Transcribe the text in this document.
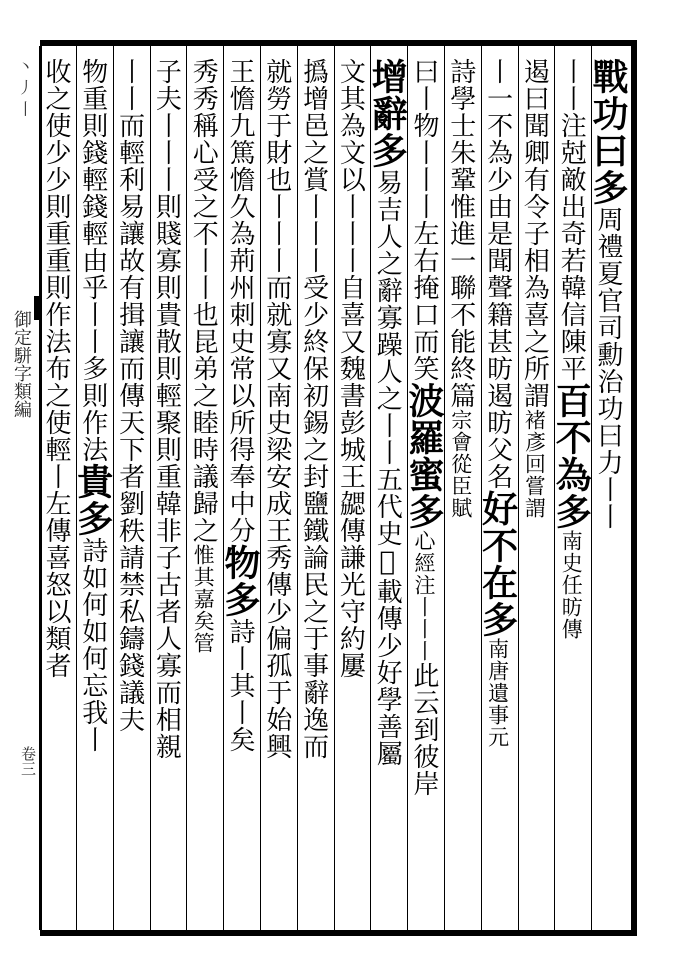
丶 丿 丨
御定駢字類編
卷三
戰功曰多周禮夏官司勳治功曰力丨丨
丨丨注尅敵出奇若韓信陳平百不為多南史任昉傳
遏曰聞卿有令子相為喜之所謂褚彥回嘗謂
丨一不為少由是聞聲籍甚昉遏昉父名好不在多南唐遺事元
詩學士朱鞏惟進一聯不能終篇宗會從臣賦
曰丨物丨丨丨左右掩口而笑波羅蜜多心經注丨丨丨此云到彼岸
增辭多易吉人之辭寡躁人之丨丨五代史𠂻載傳少好學善屬
文其為文以丨丨丨自喜又魏書彭城王勰傳謙光守約屢
撝增邑之賞丨丨丨受少終保初錫之封鹽鐵論民之于事辭逸而
就勞于財也丨丨丨而就寡又南史梁安成王秀傳少偏孤于始興
王憺九篤憺久為荊州刺史常以所得奉中分物多詩丨其丨矣
秀秀稱心受之不丨丨也昆弟之睦時議歸之惟其嘉矣管
子夫丨丨丨則賤寡則貴散則輕聚則重韓非子古者人寡而相親
丨丨而輕利易讓故有揖讓而傳天下者劉秩請禁私鑄錢議夫
物重則錢輕錢輕由乎丨丨多則作法貴多詩如何如何忘我丨
收之使少少則重重則作法布之使輕丨左傳喜怒以類者
